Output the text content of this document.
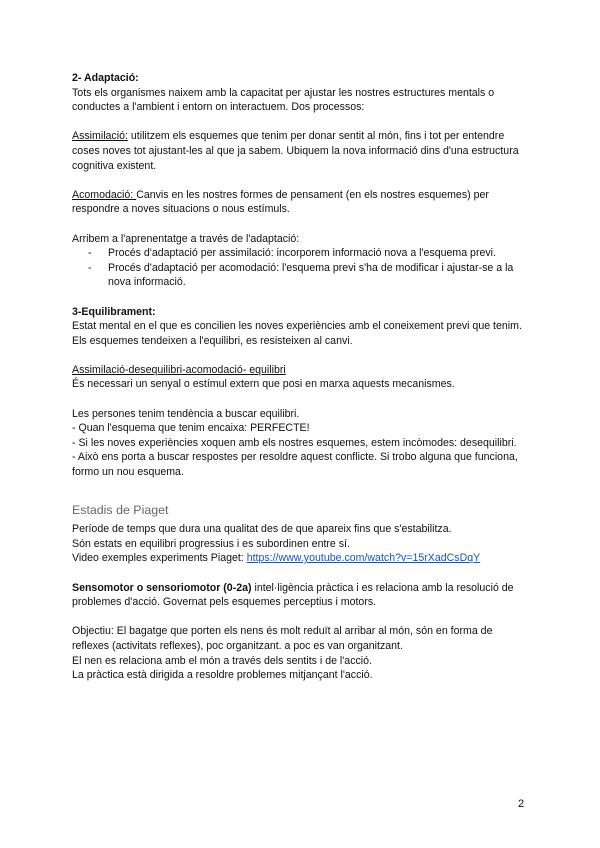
2- Adaptació:

Tots els organismes naixem amb la capacitat per ajustar les nostres estructures mentals o conductes a l'ambient i entorn on interactuem. Dos processos:

Assimilació: utilitzem els esquemes que tenim per donar sentit al món, fins i tot per entendre coses noves tot ajustant-les al que ja sabem. Ubiquem la nova informació dins d'una estructura cognitiva existent.

Acomodació: Canvis en les nostres formes de pensament (en els nostres esquemes) per respondre a noves situacions o nous estímuls.

Arribem a l'aprenentatge a través de l'adaptació:

- Procés d'adaptació per assimilació: incorporem informació nova a l'esquema previ.
- Procés d'adaptació per acomodació: l'esquema previ s'ha de modificar i ajustar-se a la nova informació.

3-Equilibrament:

Estat mental en el que es concilien les noves experiències amb el coneixement previ que tenim. Els esquemes tendeixen a l'equilibri, es resisteixen al canvi.

Assimilació-desequilibri-acomodació- equilibri

És necessari un senyal o estímul extern que posi en marxa aquests mecanismes.

Les persones tenim tendència a buscar equilibri.

- Quan l'esquema que tenim encaixa: PERFECTE!

- Si les noves experiències xoquen amb els nostres esquemes, estem incòmodes: desequilibri.

- Això ens porta a buscar respostes per resoldre aquest conflicte. Si trobo alguna que funciona, formo un nou esquema.

Estadis de Piaget

Període de temps que dura una qualitat des de que apareix fins que s'estabilitza.

Són estats en equilibri progressius i es subordinen entre sí.

Video exemples experiments Piaget: https://www.youtube.com/watch?v=15rXadCsDqY

Sensomotor o sensoriomotor (0-2a) intel·ligència pràctica i es relaciona amb la resolució de problemes d'acció. Governat pels esquemes perceptius i motors.

Objectiu: El bagatge que porten els nens és molt reduït al arribar al món, són en forma de reflexes (activitats reflexes), poc organitzant. a poc es van organitzant.

El nen es relaciona amb el món a través dels sentits i de l'acció.

La pràctica està dirigida a resoldre problemes mitjançant l'acció.

2
